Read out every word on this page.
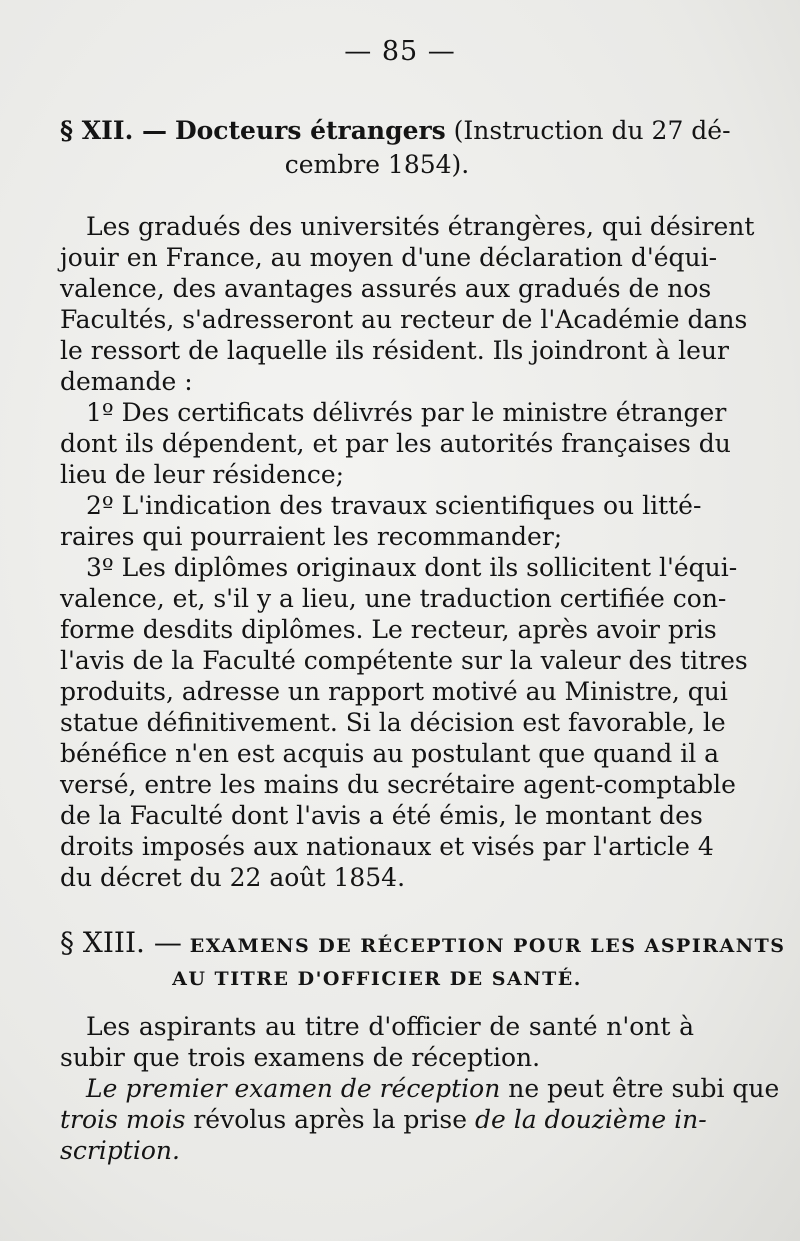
— 85 —
§ XII. — Docteurs étrangers (Instruction du 27 dé-
cembre 1854).
Les gradués des universités étrangères, qui désirent
jouir en France, au moyen d'une déclaration d'équi-
valence, des avantages assurés aux gradués de nos
Facultés, s'adresseront au recteur de l'Académie dans
le ressort de laquelle ils résident. Ils joindront à leur
demande :
1º Des certificats délivrés par le ministre étranger
dont ils dépendent, et par les autorités françaises du
lieu de leur résidence;
2º L'indication des travaux scientifiques ou litté-
raires qui pourraient les recommander;
3º Les diplômes originaux dont ils sollicitent l'équi-
valence, et, s'il y a lieu, une traduction certifiée con-
forme desdits diplômes. Le recteur, après avoir pris
l'avis de la Faculté compétente sur la valeur des titres
produits, adresse un rapport motivé au Ministre, qui
statue définitivement. Si la décision est favorable, le
bénéfice n'en est acquis au postulant que quand il a
versé, entre les mains du secrétaire agent-comptable
de la Faculté dont l'avis a été émis, le montant des
droits imposés aux nationaux et visés par l'article 4
du décret du 22 août 1854.
§ XIII. — EXAMENS DE RÉCEPTION POUR LES ASPIRANTS
AU TITRE D'OFFICIER DE SANTÉ.
Les aspirants au titre d'officier de santé n'ont à
subir que trois examens de réception.
Le premier examen de réception ne peut être subi que
trois mois révolus après la prise de la douzième in-
scription.
